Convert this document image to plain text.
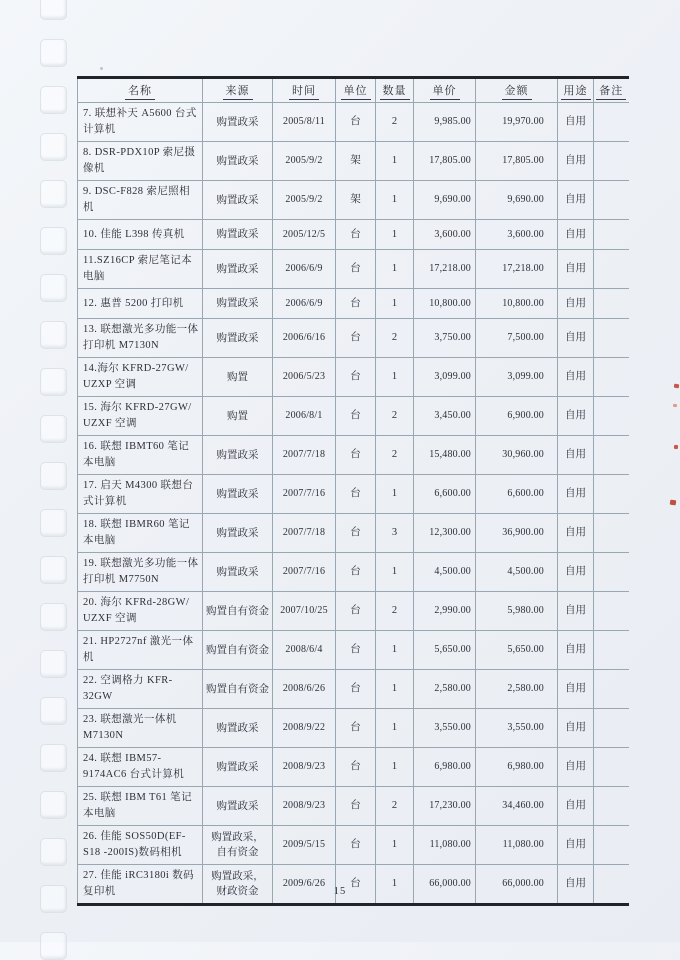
名称	来源	时间	单位	数量	单价	金额	用途	备注
7. 联想补天 A5600 台式计算机	购置政采	2005/8/11	台	2	9,985.00	19,970.00	自用	
8. DSR-PDX10P 索尼摄像机	购置政采	2005/9/2	架	1	17,805.00	17,805.00	自用	
9. DSC-F828 索尼照相机	购置政采	2005/9/2	架	1	9,690.00	9,690.00	自用	
10. 佳能 L398 传真机	购置政采	2005/12/5	台	1	3,600.00	3,600.00	自用	
11.SZ16CP 索尼笔记本电脑	购置政采	2006/6/9	台	1	17,218.00	17,218.00	自用	
12. 惠普 5200 打印机	购置政采	2006/6/9	台	1	10,800.00	10,800.00	自用	
13. 联想激光多功能一体打印机 M7130N	购置政采	2006/6/16	台	2	3,750.00	7,500.00	自用	
14.海尔 KFRD-27GW/ UZXP 空调	购置	2006/5/23	台	1	3,099.00	3,099.00	自用	
15. 海尔 KFRD-27GW/ UZXF 空调	购置	2006/8/1	台	2	3,450.00	6,900.00	自用	
16. 联想 IBMT60 笔记本电脑	购置政采	2007/7/18	台	2	15,480.00	30,960.00	自用	
17. 启天 M4300 联想台式计算机	购置政采	2007/7/16	台	1	6,600.00	6,600.00	自用	
18. 联想 IBMR60 笔记本电脑	购置政采	2007/7/18	台	3	12,300.00	36,900.00	自用	
19. 联想激光多功能一体打印机 M7750N	购置政采	2007/7/16	台	1	4,500.00	4,500.00	自用	
20. 海尔 KFRd-28GW/ UZXF 空调	购置自有资金	2007/10/25	台	2	2,990.00	5,980.00	自用	
21. HP2727nf 激光一体机	购置自有资金	2008/6/4	台	1	5,650.00	5,650.00	自用	
22. 空调格力 KFR-32GW	购置自有资金	2008/6/26	台	1	2,580.00	2,580.00	自用	
23. 联想激光一体机 M7130N	购置政采	2008/9/22	台	1	3,550.00	3,550.00	自用	
24. 联想 IBM57-9174AC6 台式计算机	购置政采	2008/9/23	台	1	6,980.00	6,980.00	自用	
25. 联想 IBM T61 笔记本电脑	购置政采	2008/9/23	台	2	17,230.00	34,460.00	自用	
26. 佳能 SOS50D(EF-S18 -200IS)数码相机	购置政采， 自有资金	2009/5/15	台	1	11,080.00	11,080.00	自用	
27. 佳能 iRC3180i 数码复印机	购置政采， 财政资金	2009/6/26	台	1	66,000.00	66,000.00	自用	
15
